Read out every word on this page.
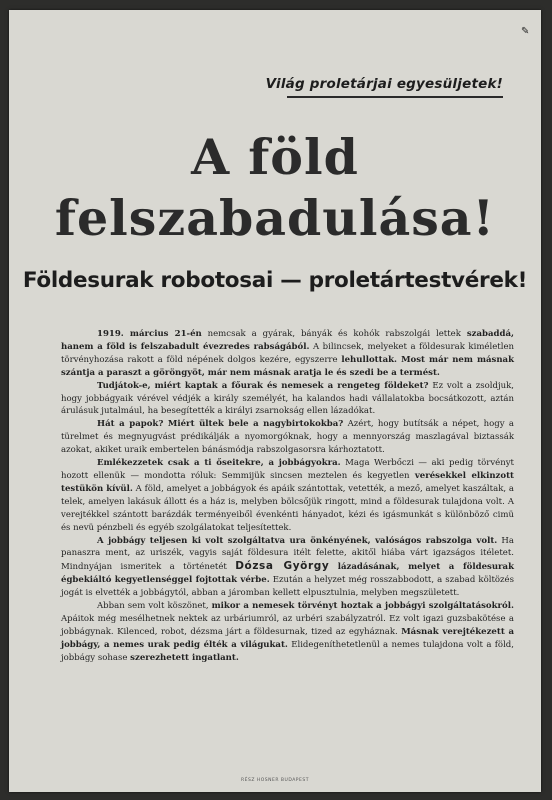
✎
Világ proletárjai egyesüljetek!
A föld
felszabadulása!
Földesurak robotosai — proletártestvérek!

1919. március 21-én nemcsak a gyárak, bányák és kohók rabszolgái lettek szabaddá, hanem a föld is felszabadult évezredes rabságából. A bilincsek, melyeket a földesurak kiméletlen törvényhozása rakott a föld népének dolgos kezére, egyszerre lehullottak. Most már nem másnak szántja a paraszt a göröngyöt, már nem másnak aratja le és szedi be a termést.

Tudjátok-e, miért kaptak a főurak és nemesek a rengeteg földeket? Ez volt a zsoldjuk, hogy jobbágyaik vérével védjék a király személyét, ha kalandos hadi vállalatokba bocsátkozott, aztán árulásuk jutalmául, ha besegítették a királyi zsarnokság ellen lázadókat.

Hát a papok? Miért ültek bele a nagybirtokokba? Azért, hogy butítsák a népet, hogy a türelmet és megnyugvást prédikálják a nyomorgóknak, hogy a mennyország maszlagával biztassák azokat, akiket uraik embertelen bánásmódja rabszolgasorsra kárhoztatott.

Emlékezzetek csak a ti őseitekre, a jobbágyokra. Maga Werbőczi — aki pedig törvényt hozott ellenük — mondotta róluk: Semmijük sincsen meztelen és kegyetlen verésekkel elkinzott testükön kívül. A föld, amelyet a jobbágyok és apáik szántottak, vetették, a mező, amelyet kaszáltak, a telek, amelyen lakásuk állott és a ház is, melyben bölcsőjük ringott, mind a földesurak tulajdona volt. A verejtékkel szántott barázdák terményeiből évenkénti hányadot, kézi és igásmunkát s különböző cimü és nevü pénzbeli és egyéb szolgálatokat teljesítettek.

A jobbágy teljesen ki volt szolgáltatva ura önkényének, valóságos rabszolga volt. Ha panaszra ment, az uriszék, vagyis saját földesura itélt felette, akitől hiába várt igazságos itéletet. Mindnyájan ismeritek a történetét Dózsa György lázadásának, melyet a földesurak égbekiáltó kegyetlenséggel fojtottak vérbe. Ezután a helyzet még rosszabbodott, a szabad költözés jogát is elvették a jobbágytól, abban a járomban kellett elpusztulnia, melyben megszületett.

Abban sem volt köszönet, mikor a nemesek törvényt hoztak a jobbágyi szolgáltatásokról. Apáitok még mesélhetnek nektek az urbáriumról, az urbéri szabályzatról. Ez volt igazi guzsbakötése a jobbágynak. Kilenced, robot, dézsma járt a földesurnak, tized az egyháznak. Másnak verejtékezett a jobbágy, a nemes urak pedig élték a világukat. Elidegeníthetetlenül a nemes tulajdona volt a föld, jobbágy sohase szerezhetett ingatlant.

RÉSZ HOSNER BUDAPEST
